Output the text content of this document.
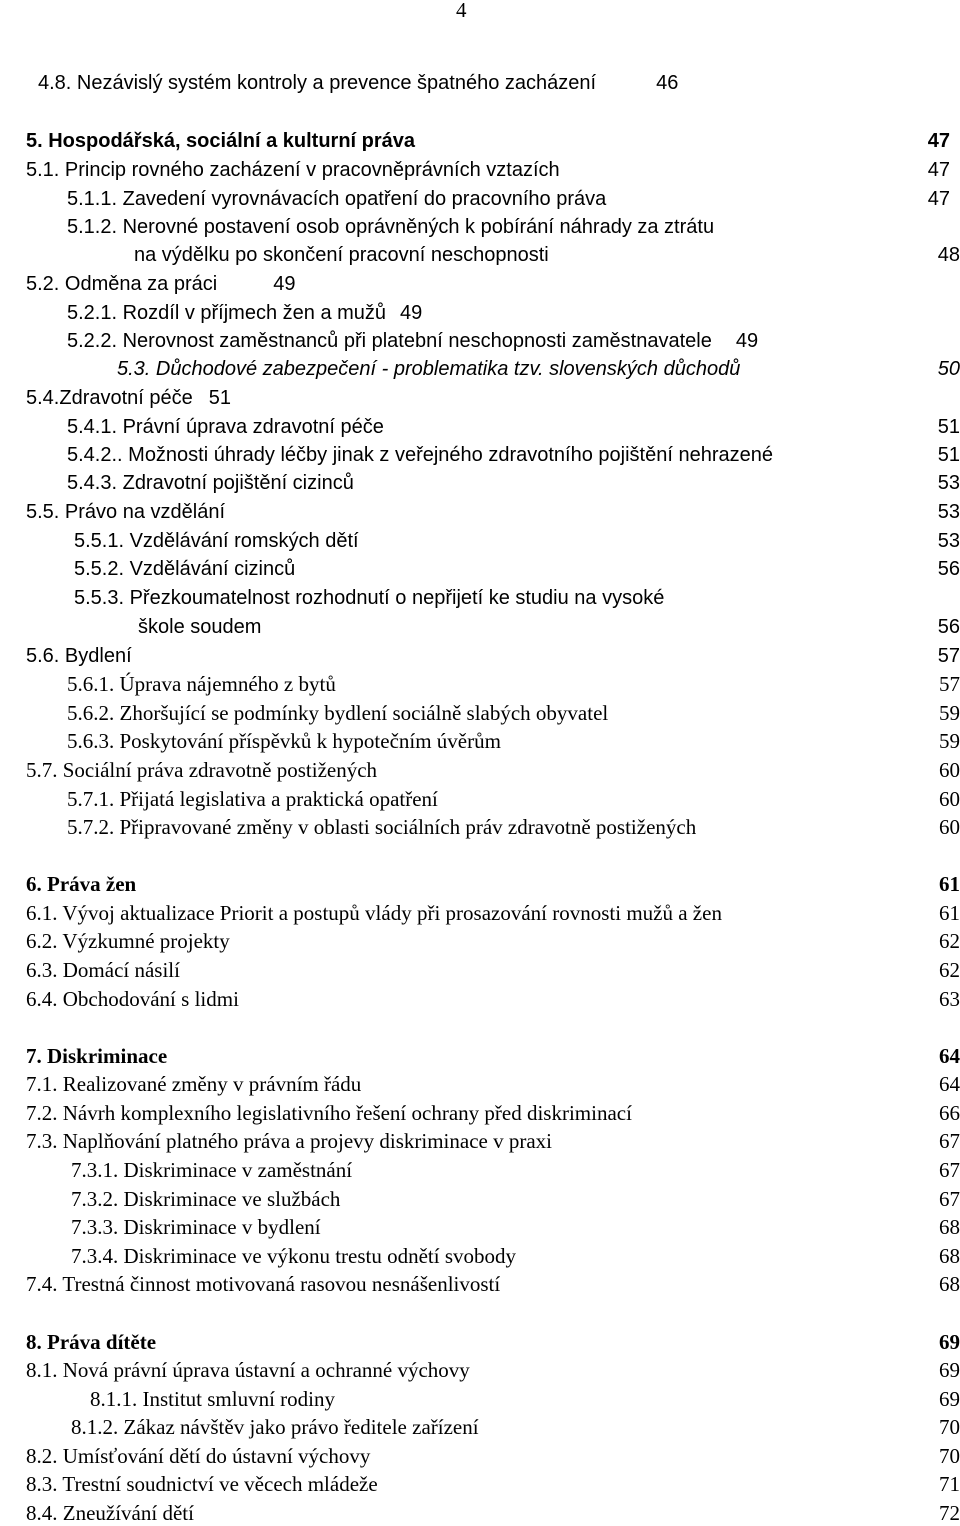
4
4.8. Nezávislý systém kontroly a prevence špatného zacházení	46
5. Hospodářská, sociální a kulturní práva	47
5.1. Princip rovného zacházení v pracovněprávních vztazích	47
5.1.1. Zavedení vyrovnávacích opatření do pracovního práva	47
5.1.2. Nerovné postavení osob oprávněných k pobírání náhrady za ztrátu
na výdělku po skončení pracovní neschopnosti	48
5.2. Odměna za práci	49
5.2.1. Rozdíl v příjmech žen a mužů 49
5.2.2. Nerovnost zaměstnanců při platební neschopnosti zaměstnavatele 49
5.3. Důchodové zabezpečení - problematika tzv. slovenských důchodů	50
5.4.Zdravotní péče 51
5.4.1. Právní úprava zdravotní péče	51
5.4.2.. Možnosti úhrady léčby jinak z veřejného zdravotního pojištění nehrazené	51
5.4.3. Zdravotní pojištění cizinců	53
5.5. Právo na vzdělání	53
5.5.1. Vzdělávání romských dětí	53
5.5.2. Vzdělávání cizinců	56
5.5.3. Přezkoumatelnost rozhodnutí o nepřijetí ke studiu na vysoké
škole soudem	56
5.6. Bydlení	57
5.6.1. Úprava nájemného z bytů	57
5.6.2. Zhoršující se podmínky bydlení sociálně slabých obyvatel	59
5.6.3. Poskytování příspěvků k hypotečním úvěrům	59
5.7. Sociální práva zdravotně postižených	60
5.7.1. Přijatá legislativa a praktická opatření	60
5.7.2. Připravované změny v oblasti sociálních práv zdravotně postižených	60
6. Práva žen	61
6.1. Vývoj aktualizace Priorit a postupů vlády při prosazování rovnosti mužů a žen	61
6.2. Výzkumné projekty	62
6.3. Domácí násilí	62
6.4. Obchodování s lidmi	63
7. Diskriminace	64
7.1. Realizované změny v právním řádu	64
7.2. Návrh komplexního legislativního řešení ochrany před diskriminací	66
7.3. Naplňování platného práva a projevy diskriminace v praxi	67
7.3.1. Diskriminace v zaměstnání	67
7.3.2. Diskriminace ve službách	67
7.3.3. Diskriminace v bydlení	68
7.3.4. Diskriminace ve výkonu trestu odnětí svobody	68
7.4. Trestná činnost motivovaná rasovou nesnášenlivostí	68
8. Práva dítěte	69
8.1. Nová právní úprava ústavní a ochranné výchovy	69
8.1.1. Institut smluvní rodiny	69
8.1.2. Zákaz návštěv jako právo ředitele zařízení	70
8.2. Umísťování dětí do ústavní výchovy	70
8.3. Trestní soudnictví ve věcech mládeže	71
8.4. Zneužívání dětí	72
